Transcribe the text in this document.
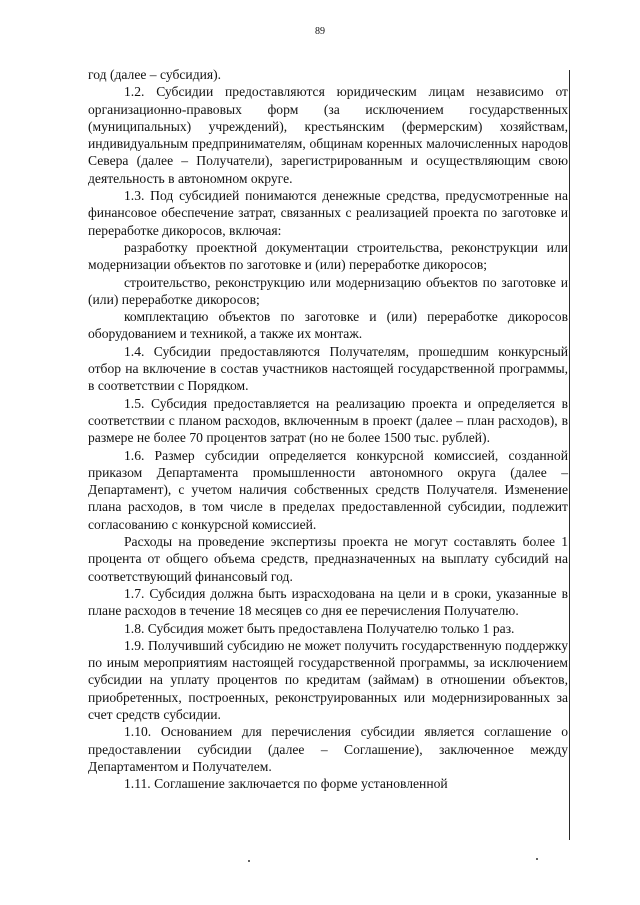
89

год (далее – субсидия).

1.2. Субсидии предоставляются юридическим лицам независимо от организационно-правовых форм (за исключением государственных (муниципальных) учреждений), крестьянским (фермерским) хозяйствам, индивидуальным предпринимателям, общинам коренных малочисленных народов Севера (далее – Получатели), зарегистрированным и осуществляющим свою деятельность в автономном округе.

1.3. Под субсидией понимаются денежные средства, предусмотренные на финансовое обеспечение затрат, связанных с реализацией проекта по заготовке и переработке дикоросов, включая:

разработку проектной документации строительства, реконструкции или модернизации объектов по заготовке и (или) переработке дикоросов;

строительство, реконструкцию или модернизацию объектов по заготовке и (или) переработке дикоросов;

комплектацию объектов по заготовке и (или) переработке дикоросов оборудованием и техникой, а также их монтаж.

1.4. Субсидии предоставляются Получателям, прошедшим конкурсный отбор на включение в состав участников настоящей государственной программы, в соответствии с Порядком.

1.5. Субсидия предоставляется на реализацию проекта и определяется в соответствии с планом расходов, включенным в проект (далее – план расходов), в размере не более 70 процентов затрат (но не более 1500 тыс. рублей).

1.6. Размер субсидии определяется конкурсной комиссией, созданной приказом Департамента промышленности автономного округа (далее – Департамент), с учетом наличия собственных средств Получателя. Изменение плана расходов, в том числе в пределах предоставленной субсидии, подлежит согласованию с конкурсной комиссией.

Расходы на проведение экспертизы проекта не могут составлять более 1 процента от общего объема средств, предназначенных на выплату субсидий на соответствующий финансовый год.

1.7. Субсидия должна быть израсходована на цели и в сроки, указанные в плане расходов в течение 18 месяцев со дня ее перечисления Получателю.

1.8. Субсидия может быть предоставлена Получателю только 1 раз.

1.9. Получивший субсидию не может получить государственную поддержку по иным мероприятиям настоящей государственной программы, за исключением субсидии на уплату процентов по кредитам (займам) в отношении объектов, приобретенных, построенных, реконструированных или модернизированных за счет средств субсидии.

1.10. Основанием для перечисления субсидии является соглашение о предоставлении субсидии (далее – Соглашение), заключенное между Департаментом и Получателем.

1.11. Соглашение заключается по форме установленной
